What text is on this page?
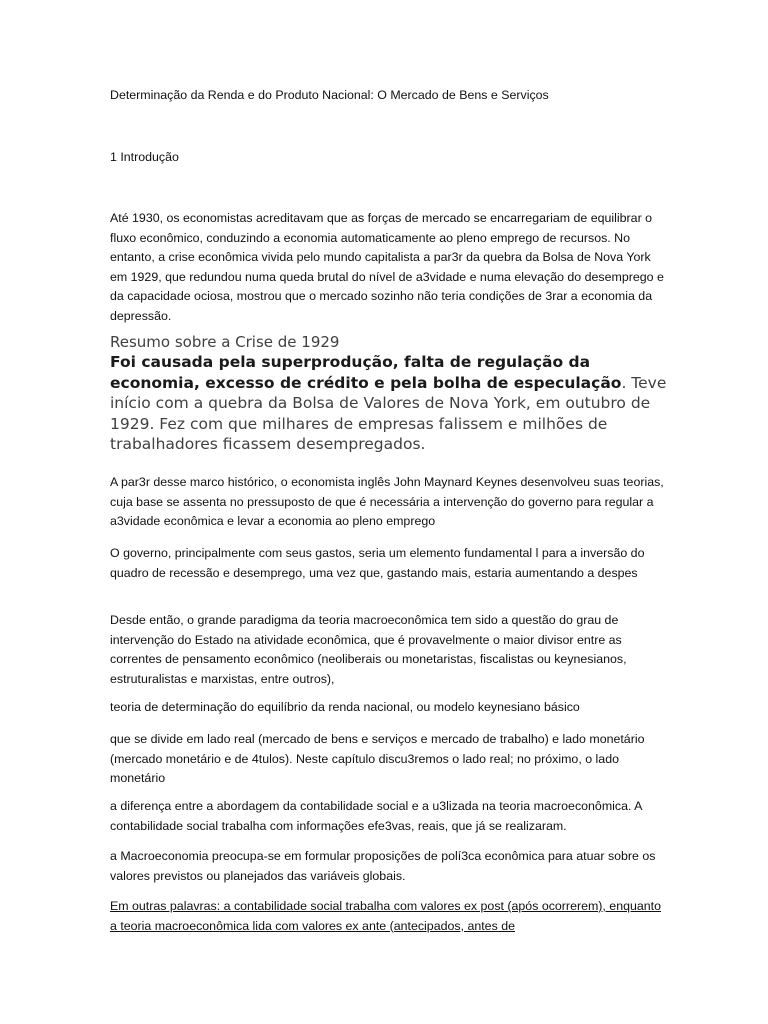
Determinação da Renda e do Produto Nacional: O Mercado de Bens e Serviços

1 Introdução

Até 1930, os economistas acreditavam que as forças de mercado se encarregariam de equilibrar o fluxo econômico, conduzindo a economia automaticamente ao pleno emprego de recursos. No entanto, a crise econômica vivida pelo mundo capitalista a par3r da quebra da Bolsa de Nova York em 1929, que redundou numa queda brutal do nível de a3vidade e numa elevação do desemprego e da capacidade ociosa, mostrou que o mercado sozinho não teria condições de 3rar a economia da depressão.

Resumo sobre a Crise de 1929

Foi causada pela superprodução, falta de regulação da economia, excesso de crédito e pela bolha de especulação. Teve início com a quebra da Bolsa de Valores de Nova York, em outubro de 1929. Fez com que milhares de empresas falissem e milhões de trabalhadores ficassem desempregados.

A par3r desse marco histórico, o economista inglês John Maynard Keynes desenvolveu suas teorias, cuja base se assenta no pressuposto de que é necessária a intervenção do governo para regular a a3vidade econômica e levar a economia ao pleno emprego

O governo, principalmente com seus gastos, seria um elemento fundamental l para a inversão do quadro de recessão e desemprego, uma vez que, gastando mais, estaria aumentando a despes

Desde então, o grande paradigma da teoria macroeconômica tem sido a questão do grau de intervenção do Estado na atividade econômica, que é provavelmente o maior divisor entre as correntes de pensamento econômico (neoliberais ou monetaristas, fiscalistas ou keynesianos, estruturalistas e marxistas, entre outros),

teoria de determinação do equilíbrio da renda nacional, ou modelo keynesiano básico

que se divide em lado real (mercado de bens e serviços e mercado de trabalho) e lado monetário (mercado monetário e de 4tulos). Neste capítulo discu3remos o lado real; no próximo, o lado monetário

a diferença entre a abordagem da contabilidade social e a u3lizada na teoria macroeconômica. A contabilidade social trabalha com informações efe3vas, reais, que já se realizaram.

a Macroeconomia preocupa-se em formular proposições de polí3ca econômica para atuar sobre os valores previstos ou planejados das variáveis globais.

Em outras palavras: a contabilidade social trabalha com valores ex post (após ocorrerem), enquanto a teoria macroeconômica lida com valores ex ante (antecipados, antes de
